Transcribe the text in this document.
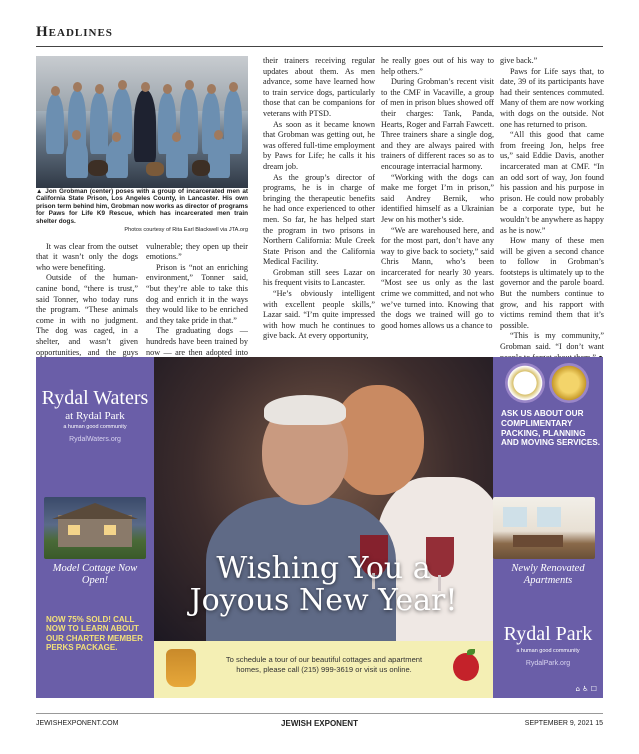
Headlines

▲ Jon Grobman (center) poses with a group of incarcerated men at California State Prison, Los Angeles County, in Lancaster. His own prison term behind him, Grobman now works as director of programs for Paws for Life K9 Rescue, which has incarcerated men train shelter dogs.

Photos courtesy of Rita Earl Blackwell via JTA.org

It was clear from the outset that it wasn’t only the dogs who were benefiting.

Outside of the human-canine bond, “there is trust,” said Tonner, who today runs the program. “These animals come in with no judgment. The dog was caged, in a shelter, and wasn’t given opportunities, and the guys vulnerable; they open up their emotions.”

Prison is “not an enriching environment,” Tonner said, “but they’re able to take this dog and enrich it in the ways they would like to be enriched and they take pride in that.”

The graduating dogs — hundreds have been trained by now — are then adopted into

their trainers receiving regular updates about them. As men advance, some have learned how to train service dogs, particularly those that can be companions for veterans with PTSD.

As soon as it became known that Grobman was getting out, he was offered full-time employment by Paws for Life; he calls it his dream job.

As the group’s director of programs, he is in charge of bringing the therapeutic benefits he had once experienced to other men. So far, he has helped start the program in two prisons in Northern California: Mule Creek State Prison and the California Medical Facility.

Grobman still sees Lazar on his frequent visits to Lancaster.

“He’s obviously intelligent with excellent people skills,” Lazar said. “I’m quite impressed with how much he continues to give back. At every opportunity,

he really goes out of his way to help others.”

During Grobman’s recent visit to the CMF in Vacaville, a group of men in prison blues showed off their charges: Tank, Panda, Hearts, Roger and Farrah Fawcett. Three trainers share a single dog, and they are always paired with trainers of different races so as to encourage interracial harmony.

“Working with the dogs can make me forget I’m in prison,” said Andrey Bernik, who identified himself as a Ukrainian Jew on his mother’s side.

“We are warehoused here, and for the most part, don’t have any way to give back to society,” said Chris Mann, who’s been incarcerated for nearly 30 years. “Most see us only as the last crime we committed, and not who we’ve turned into. Knowing that the dogs we trained will go to good homes allows us a chance to

give back.”

Paws for Life says that, to date, 39 of its participants have had their sentences commuted. Many of them are now working with dogs on the outside. Not one has returned to prison.

“All this good that came from freeing Jon, helps free us,” said Eddie Davis, another incarcerated man at CMF. “In an odd sort of way, Jon found his passion and his purpose in prison. He could now probably be a corporate type, but he wouldn’t be anywhere as happy as he is now.”

How many of these men will be given a second chance to follow in Grobman’s footsteps is ultimately up to the governor and the parole board. But the numbers continue to grow, and his rapport with victims remind them that it’s possible.

“This is my community,” Grobman said. “I don’t want

Rydal Waters
at Rydal Park
a human good community
RydalWaters.org
Model Cottage Now Open!
NOW 75% SOLD! CALL NOW TO LEARN ABOUT OUR CHARTER MEMBER PERKS PACKAGE.
Wishing You a
Joyous New Year!
ASK US ABOUT OUR COMPLIMENTARY PACKING, PLANNING AND MOVING SERVICES.
Newly Renovated Apartments
Rydal Park
a human good community
RydalPark.org
⌂ ♿ ☐
To schedule a tour of our beautiful cottages and apartment homes, please call (215) 999-3619 or visit us online.
JEWISHEXPONENT.COM	JEWISH EXPONENT	SEPTEMBER 9, 2021 15
